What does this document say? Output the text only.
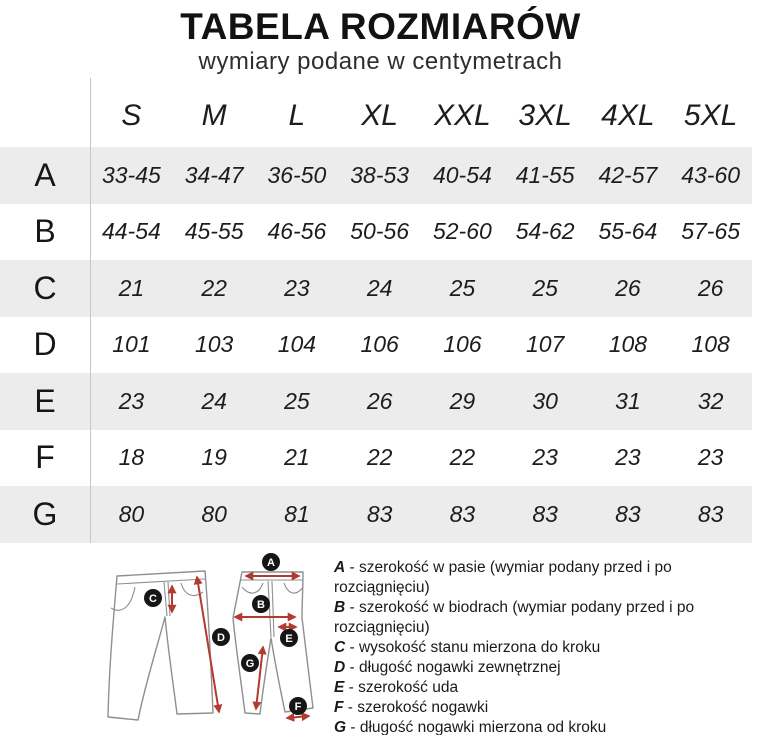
TABELA ROZMIARÓW
wymiary podane w centymetrach
S	M	L	XL	XXL 3XL 4XL 5XL
A	33-45	34-47	36-50	38-53	40-54	41-55	42-57	43-60
B	44-54	45-55	46-56	50-56	52-60	54-62	55-64	57-65
C	21	22	23	24	25	25	26	26
D	101	103	104	106	106	107	108	108
E	23	24	25	26	29	30	31	32
F	18	19	21	22	22	23	23	23
G	80	80	81	83	83	83	83	83
C
D
A
B
E
G
F
A - szerokość w pasie (wymiar podany przed i po rozciągnięciu)
B - szerokość w biodrach (wymiar podany przed i po rozciągnięciu)
C - wysokość stanu mierzona do kroku
D - długość nogawki zewnętrznej
E - szerokość uda
F - szerokość nogawki
G - długość nogawki mierzona od kroku
